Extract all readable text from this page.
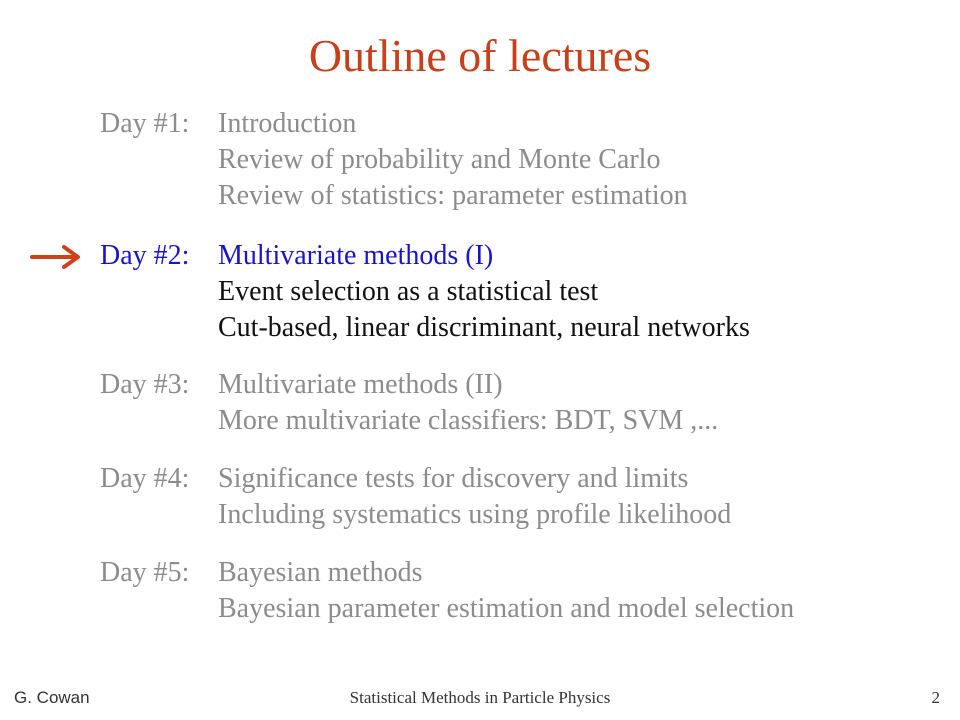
Outline of lectures
Day #1: Introduction
Review of probability and Monte Carlo
Review of statistics: parameter estimation
Day #2: Multivariate methods (I)
Event selection as a statistical test
Cut-based, linear discriminant, neural networks
Day #3: Multivariate methods (II)
More multivariate classifiers: BDT, SVM ,...
Day #4: Significance tests for discovery and limits
Including systematics using profile likelihood
Day #5: Bayesian methods
Bayesian parameter estimation and model selection
G. Cowan	Statistical Methods in Particle Physics	2
